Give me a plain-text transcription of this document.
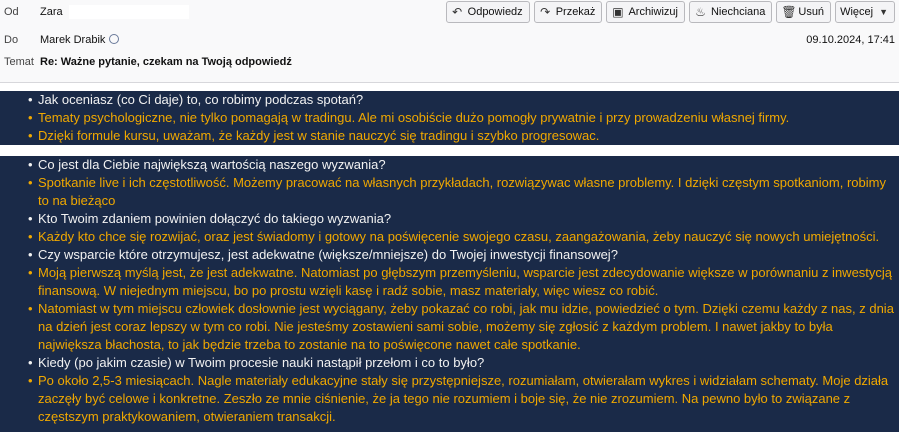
Od Zara	↶ Odpowiedz ↷ Przekaż ▣ Archiwizuj ♨ Niechciana 🗑 Usuń Więcej ▼
Do Marek Drabik	09.10.2024, 17:41
Temat Re: Ważne pytanie, czekam na Twoją odpowiedź
• Jak oceniasz (co Ci daje) to, co robimy podczas spotań?
• Tematy psychologiczne, nie tylko pomagają w tradingu. Ale mi osobiście dużo pomogły prywatnie i przy prowadzeniu własnej firmy.
• Dzięki formule kursu, uważam, że każdy jest w stanie nauczyć się tradingu i szybko progresowac.
• Co jest dla Ciebie największą wartością naszego wyzwania?
• Spotkanie live i ich częstotliwość. Możemy pracować na własnych przykładach, rozwiązywac własne problemy. I dzięki częstym spotkaniom, robimy to na bieżąco
• Kto Twoim zdaniem powinien dołączyć do takiego wyzwania?
• Każdy kto chce się rozwijać, oraz jest świadomy i gotowy na poświęcenie swojego czasu, zaangażowania, żeby nauczyć się nowych umiejętności.
• Czy wsparcie które otrzymujesz, jest adekwatne (większe/mniejsze) do Twojej inwestycji finansowej?
• Moją pierwszą myślą jest, że jest adekwatne. Natomiast po głębszym przemyśleniu, wsparcie jest zdecydowanie większe w porównaniu z inwestycją finansową. W niejednym miejscu, bo po prostu wzięli kasę i radź sobie, masz materiały, więc wiesz co robić.
• Natomiast w tym miejscu człowiek dosłownie jest wyciągany, żeby pokazać co robi, jak mu idzie, powiedzieć o tym. Dzięki czemu każdy z nas, z dnia na dzień jest coraz lepszy w tym co robi. Nie jesteśmy zostawieni sami sobie, możemy się zgłosić z każdym problem. I nawet jakby to była największa błachosta, to jak będzie trzeba to zostanie na to poświęcone nawet całe spotkanie.
• Kiedy (po jakim czasie) w Twoim procesie nauki nastąpił przełom i co to było?
• Po około 2,5-3 miesiącach. Nagle materiały edukacyjne stały się przystępniejsze, rozumiałam, otwierałam wykres i widziałam schematy. Moje działa zaczęły być celowe i konkretne. Zeszło ze mnie ciśnienie, że ja tego nie rozumiem i boje się, że nie zrozumiem. Na pewno było to związane z częstszym praktykowaniem, otwieraniem transakcji.
